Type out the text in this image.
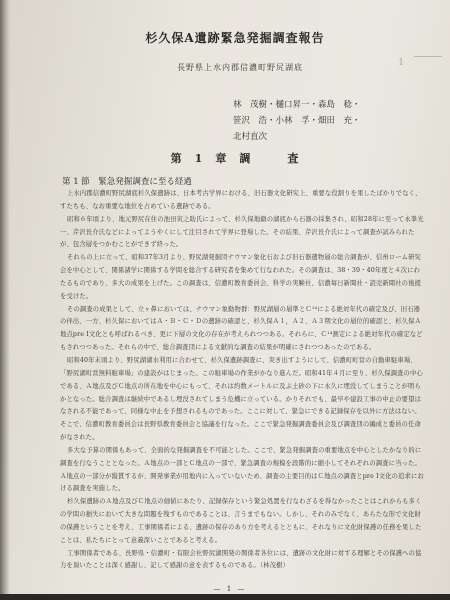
1
杉久保A遺跡緊急発掘調査報告
長野県上水内郡信濃町野尻湖底
林　茂樹・樋口昇一・森島　稔・
笹沢　浩・小林　孚・畑田　充・
北村直次
第　1　章　調　　　査
第 1 節　緊急発掘調査に至る経過

上水内郡信濃町野尻湖底杉久保遺跡は、日本考古学界における、旧石器文化研究上、重要な役割りを果したばかりでなく、すたちも、なお重要な地位を占めている遺跡である。

昭和６年頃より、地元野尻在住の池田寅之助氏によって、杉久保地籍の湖底から石器の採集され、昭和28年に至って永峯光一、芹沢長介氏などによってようやくにして注目されて学界に登場した。その結果、芹沢長介氏によって調査が試みられたが、包含層をつかむことができず終った。

それらの上に立って、昭和37年3月より、野尻湖発掘団ナウマン象化石および旧石器遺物層の総合調査が、信州ローム研究会を中心として、関係諸学に関係する学問を総合する研究者を集めて行なわれた。その調査は、38・39・40年度と４次にわたるものであり、多大の成果を上げた。この調査は、信濃町教育委員会、科学の実験社、信濃毎日新聞社・読売新聞社の後援を受けた。

その調査の成果として、立ヶ鼻においては、ナウマン象動物群：野尻湖層の層準とＣ¹⁴による絶対年代の確定及び、旧石器の伴出、一方、杉久保においてはＡ・Ｂ・Ｃ・Ｄの遺跡の確認と、杉久保Ａ１，Ａ２、Ａ３期文化の層位的確認と、杉久保Ａ地点pre Ⅰ文化とも呼ばれるべき、更に下層の文化の存在が考えられつつある。それらに、Ｃ¹⁴測定による絶対年代の確定などもされつつあった。それらの中で、総合調査団による文献的な調査の結果が明確にされつつあったのである。

昭和40年末頃より、野尻湖湖水利用に合わせて、杉久保遺跡調査に、突き出すようにして、信濃町町営の自動車駐車場、「野尻湖町営無料駐車場」の建設がはじまった。この駐車場の作業がかなり進んだ。昭和41年４月に至り、杉久保調査の中心である、Ａ地点及びＣ地点の所在地を中心にもって、それは約数メートルに及ぶ土砂の下に永久に埋没してしまうことが明らかとなった。総合調査は継続中であるし埋没されてしまう危機に立っている。かりそれでも、最早や建設工事の中止の要望はなされる不能であって、同様な中止を予想されるものであった。ここに対して、緊急にできる記録保存を以外に方法はない。そこで、信濃町教育委員会は長野県教育委員会と協議を行なった。ここで緊急発掘調査委員会及び調査団の編成と委員の任命がなされた。

多大な予算の関係もあって、全面的な発掘調査を不可能とした。ここで、緊急発掘調査の重要地点を中心としたかなり的に調査を行なうこととなった。Ａ地点の一部とＣ地点の一部で、緊急調査の規模を段階的に縮小してそれぞれの調査に当った。Ａ地点の一部分が縦貫するが、開発事業が用地内に入っていないため、調査の主要目的はＣ地点の調査とpre Ⅰ文化の追求における調査を実施した。

杉久保遺跡のＡ地点及びＣ地点の価値にあたり、記録保存という緊急処置を行なわざるを得なかったことはこれからも多くの学問の損失において大きな問題を残すものであることは、言うまでもない。しかし、それのみでなく、あらたな形で文化財の保護ということを考え、工事関係者による、遺跡の保存のあり方を考えるとともに、それなりに文化財保護の任務を果したことは、私たちにとって意義深いことであると考える。

工事関係者である、長野県・信濃町・有限会社野尻湖開発の関係者各位には、遺跡の文化財に対する理解とその保護への協力を頂いたことは深く感謝し、記して感謝の意を表するものである。（林茂樹）

— 1 —
